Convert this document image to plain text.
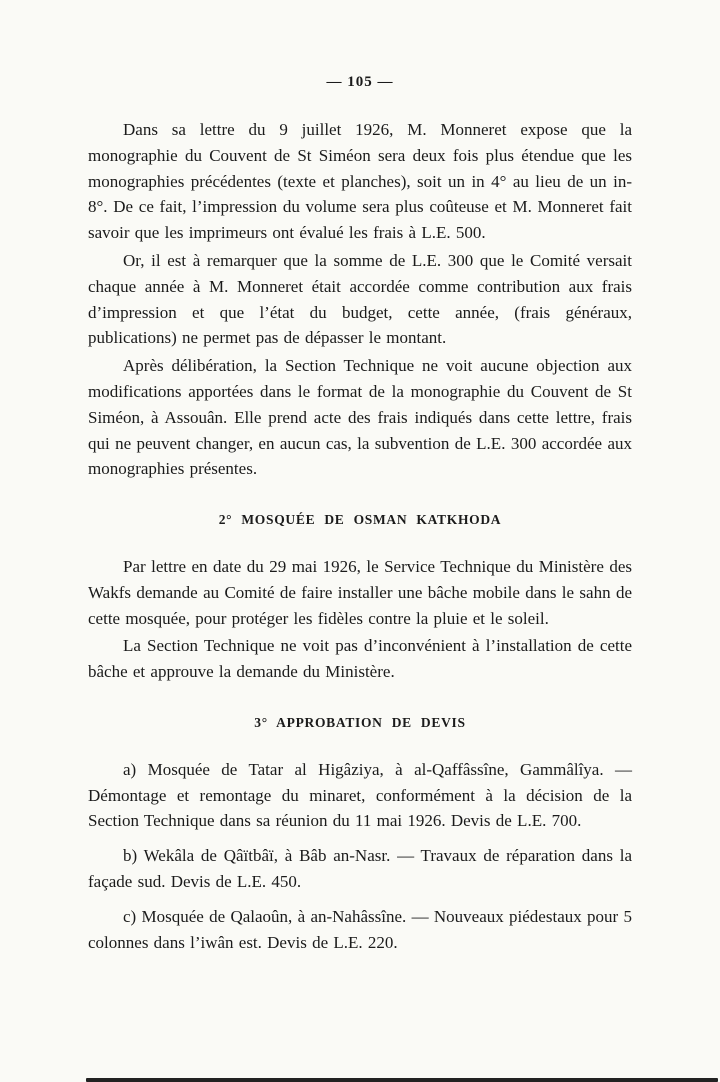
— 105 —

Dans sa lettre du 9 juillet 1926, M. Monneret expose que la monographie du Couvent de St Siméon sera deux fois plus étendue que les monographies précédentes (texte et planches), soit un in 4° au lieu de un in-8°. De ce fait, l’impression du volume sera plus coûteuse et M. Monneret fait savoir que les imprimeurs ont évalué les frais à L.E. 500.

Or, il est à remarquer que la somme de L.E. 300 que le Comité versait chaque année à M. Monneret était accordée comme contribution aux frais d’impression et que l’état du budget, cette année, (frais généraux, publications) ne permet pas de dépasser le montant.

Après délibération, la Section Technique ne voit aucune objection aux modifications apportées dans le format de la monographie du Couvent de St Siméon, à Assouân. Elle prend acte des frais indiqués dans cette lettre, frais qui ne peuvent changer, en aucun cas, la subvention de L.E. 300 accordée aux monographies présentes.

2° MOSQUÉE DE OSMAN KATKHODA

Par lettre en date du 29 mai 1926, le Service Technique du Ministère des Wakfs demande au Comité de faire installer une bâche mobile dans le sahn de cette mosquée, pour protéger les fidèles contre la pluie et le soleil.

La Section Technique ne voit pas d’inconvénient à l’installation de cette bâche et approuve la demande du Ministère.

3° APPROBATION DE DEVIS

a) Mosquée de Tatar al Higâziya, à al-Qaffâssîne, Gammâlîya. — Démontage et remontage du minaret, conformément à la décision de la Section Technique dans sa réunion du 11 mai 1926. Devis de L.E. 700.

b) Wekâla de Qâïtbâï, à Bâb an-Nasr. — Travaux de réparation dans la façade sud. Devis de L.E. 450.

c) Mosquée de Qalaoûn, à an-Nahâssîne. — Nouveaux piédestaux pour 5 colonnes dans l’iwân est. Devis de L.E. 220.
